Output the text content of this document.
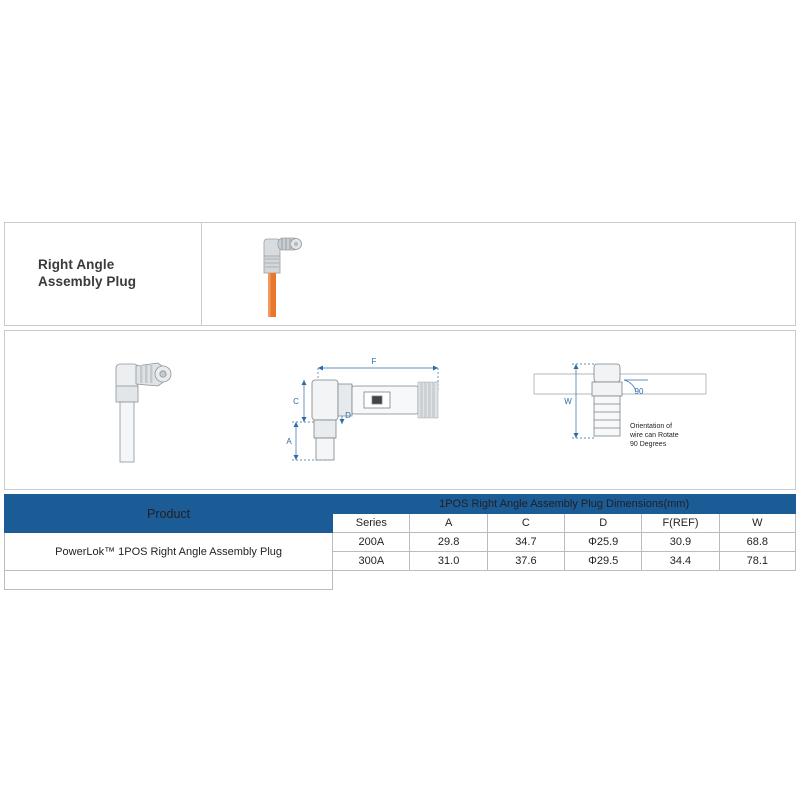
Right Angle
Assembly Plug
F
C
A
D
W
90
Orientation of
wire can Rotate
90 Degrees
Product	1POS Right Angle Assembly Plug Dimensions(mm)					
	Series	A	C	D	F(REF)	W
PowerLok™ 1POS Right Angle Assembly Plug	200A	29.8	34.7	Φ25.9	30.9	68.8
	300A	31.0	37.6	Φ29.5	34.4	78.1
